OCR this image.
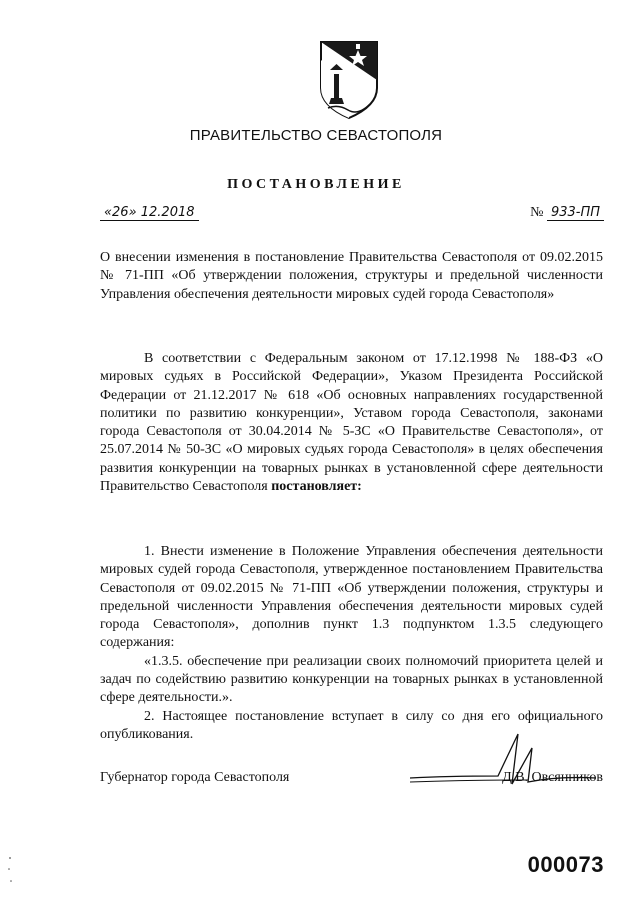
ПРАВИТЕЛЬСТВО СЕВАСТОПОЛЯ
ПОСТАНОВЛЕНИЕ
«26» 12.2018	№ 933-ПП
О внесении изменения в постановление Правительства Севастополя от 09.02.2015 № 71-ПП «Об утверждении положения, структуры и предельной численности Управления обеспечения деятельности мировых судей города Севастополя»
В соответствии с Федеральным законом от 17.12.1998 № 188-ФЗ «О мировых судьях в Российской Федерации», Указом Президента Российской Федерации от 21.12.2017 № 618 «Об основных направлениях государственной политики по развитию конкуренции», Уставом города Севастополя, законами города Севастополя от 30.04.2014 № 5-ЗС «О Правительстве Севастополя», от 25.07.2014 № 50-ЗС «О мировых судьях города Севастополя» в целях обеспечения развития конкуренции на товарных рынках в установленной сфере деятельности Правительство Севастополя постановляет:
1. Внести изменение в Положение Управления обеспечения деятельности мировых судей города Севастополя, утвержденное постановлением Правительства Севастополя от 09.02.2015 № 71-ПП «Об утверждении положения, структуры и предельной численности Управления обеспечения деятельности мировых судей города Севастополя», дополнив пункт 1.3 подпунктом 1.3.5 следующего содержания:
«1.3.5. обеспечение при реализации своих полномочий приоритета целей и задач по содействию развитию конкуренции на товарных рынках в установленной сфере деятельности.».
2. Настоящее постановление вступает в силу со дня его официального опубликования.
Губернатор города Севастополя	Д.В. Овсянников
000073
